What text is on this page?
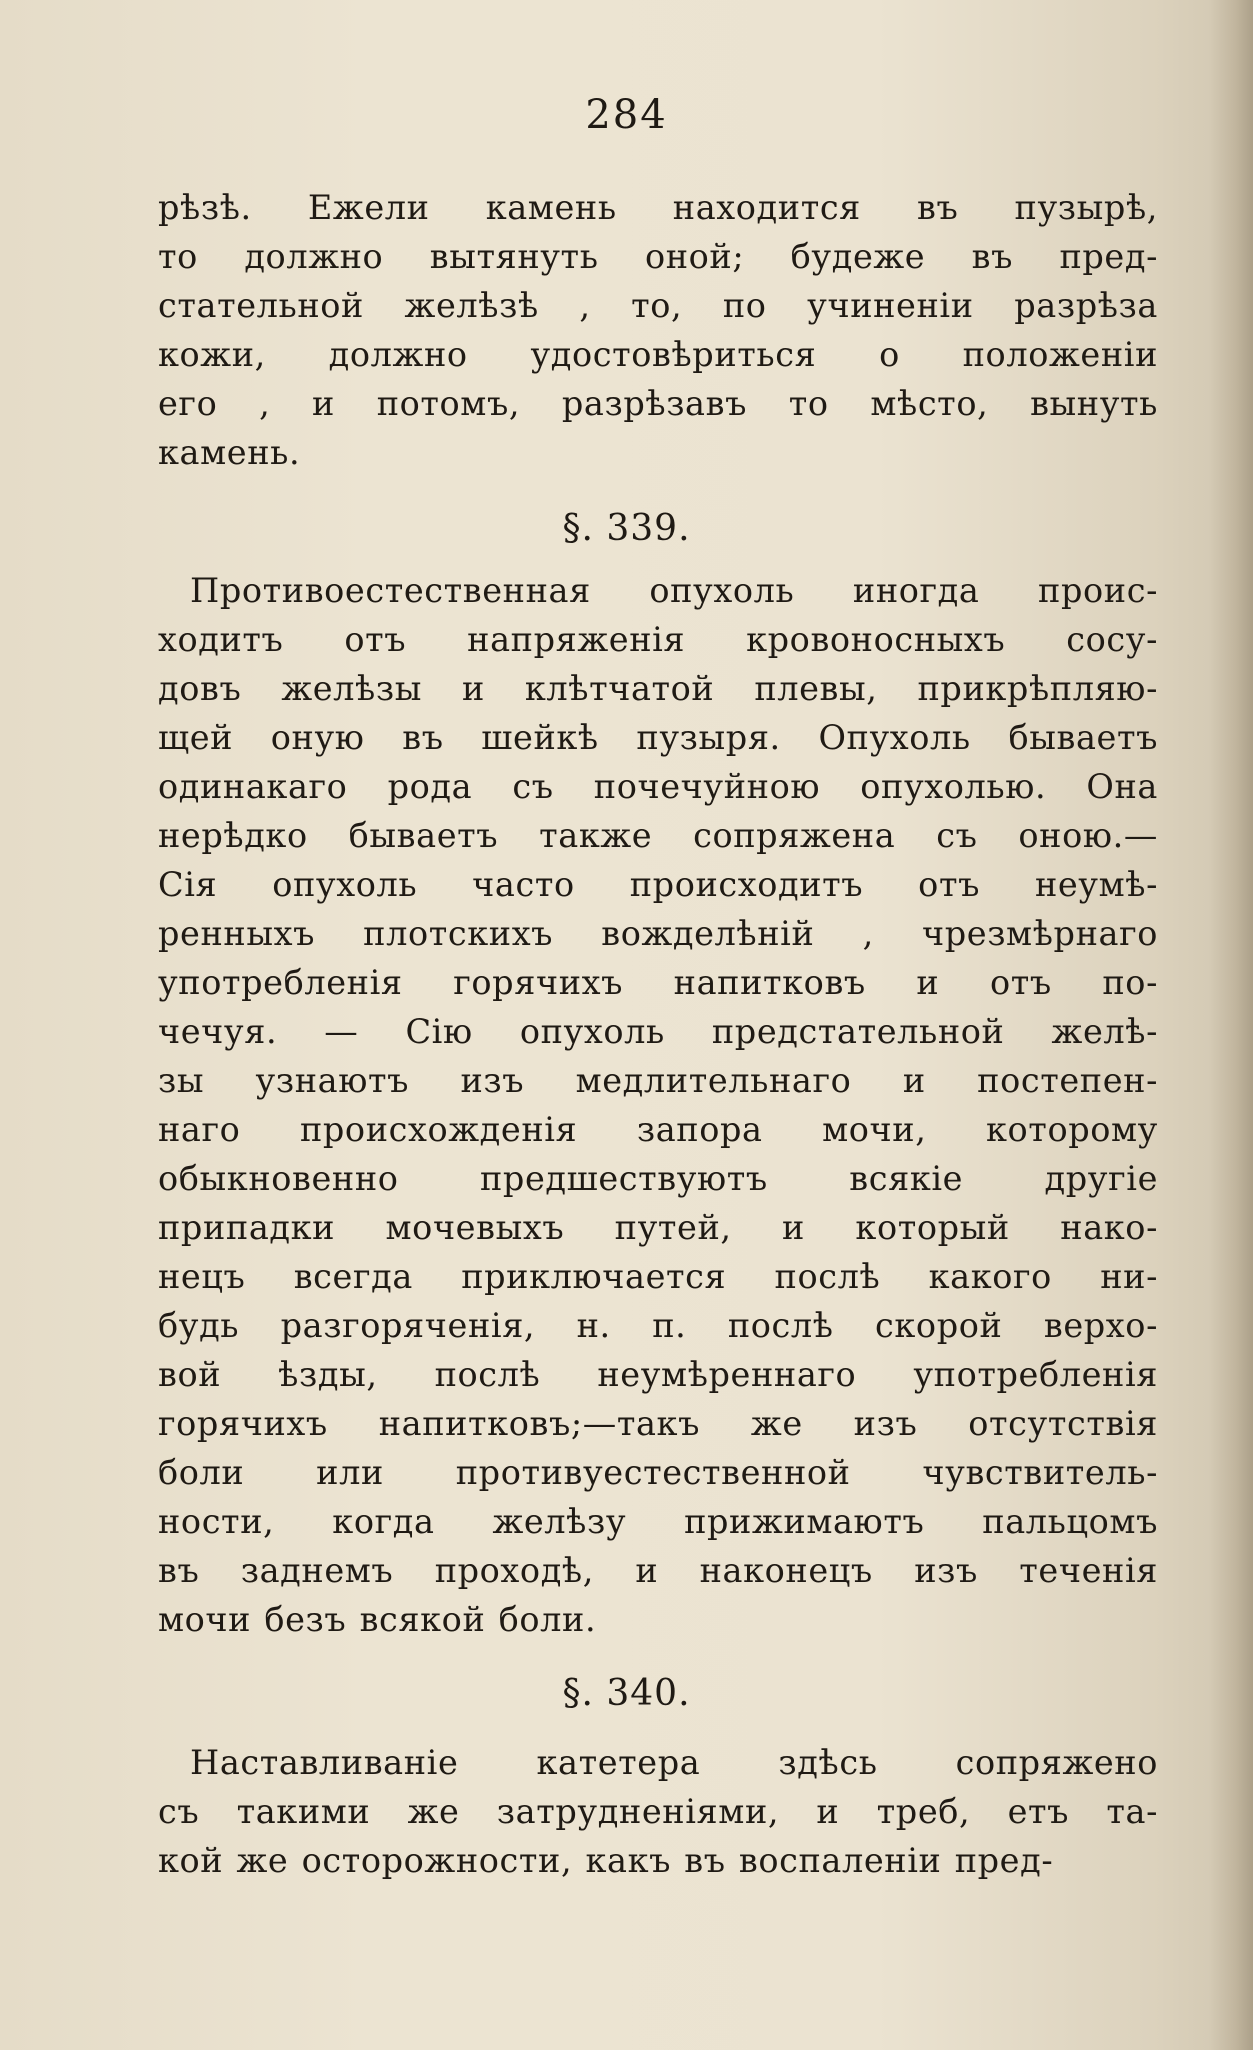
284
рѣзѣ. Ежели камень находится въ пузырѣ,
то должно вытянуть оной; будеже въ пред-
стательной желѣзѣ , то, по учиненіи разрѣза
кожи, должно удостовѣриться о положеніи
его , и потомъ, разрѣзавъ то мѣсто, вынуть
камень.
§. 339.
Противоестественная опухоль иногда проис-
ходитъ отъ напряженія кровоносныхъ сосу-
довъ желѣзы и клѣтчатой плевы, прикрѣпляю-
щей оную въ шейкѣ пузыря. Опухоль бываетъ
одинакаго рода съ почечуйною опухолью. Она
нерѣдко бываетъ также сопряжена съ оною.—
Сія опухоль часто происходитъ отъ неумѣ-
ренныхъ плотскихъ вожделѣній , чрезмѣрнаго
употребленія горячихъ напитковъ и отъ по-
чечуя. — Сію опухоль предстательной желѣ-
зы узнаютъ изъ медлительнаго и постепен-
наго происхожденія запора мочи, которому
обыкновенно предшествуютъ всякіе другіе
припадки мочевыхъ путей, и который нако-
нецъ всегда приключается послѣ какого ни-
будь разгоряченія, н. п. послѣ скорой верхо-
вой ѣзды, послѣ неумѣреннаго употребленія
горячихъ напитковъ;—такъ же изъ отсутствія
боли или противуестественной чувствитель-
ности, когда желѣзу прижимаютъ пальцомъ
въ заднемъ проходѣ, и наконецъ изъ теченія
мочи безъ всякой боли.
§. 340.
Наставливаніе катетера здѣсь сопряжено
съ такими же затрудненіями, и треб, етъ та-
кой же осторожности, какъ въ воспаленіи пред-
